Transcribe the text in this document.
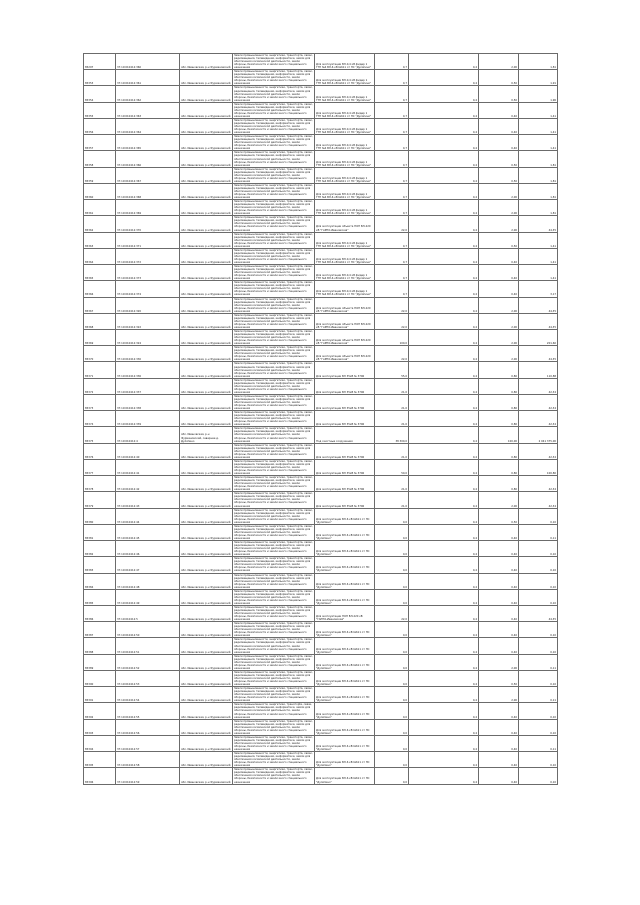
85297	37:19:010412:360	обл. Ивановская, р-н Фурмановский	Земли промышленности, энергетики, транспорта, связи, радиовещания, телевидения, информатики, земли для обеспечения космической деятельности, земли обороны, безопасности и земли иного специального назначения	Для эксплуатации ВЛ-0,4 кВ фидер 1 ГТП №4 ВЛ-6 кВ №611 от ПС "Дуляпино"	0,7	0,4	2,00	1,81
85353	37:19:010412:361	обл. Ивановская, р-н Фурмановский	Земли промышленности, энергетики, транспорта, связи, радиовещания, телевидения, информатики, земли для обеспечения космической деятельности, земли обороны, безопасности и земли иного специального назначения	Для эксплуатации ВЛ-0,4 кВ фидер 1 ГТП №4 ВЛ-6 кВ №611 от ПС "Дуляпино"	0,7	0,4	0,50	1,91
85354	37:19:010412:362	обл. Ивановская, р-н Фурмановский	Земли промышленности, энергетики, транспорта, связи, радиовещания, телевидения, информатики, земли для обеспечения космической деятельности, земли обороны, безопасности и земли иного специального назначения	Для эксплуатации ВЛ-0,4 кВ фидер 1 ГТП №4 ВЛ-6 кВ №611 от ПС "Дуляпино"	0,7	0,4	0,50	1,96
85355	37:19:010412:363	обл. Ивановская, р-н Фурмановский	Земли промышленности, энергетики, транспорта, связи, радиовещания, телевидения, информатики, земли для обеспечения космической деятельности, земли обороны, безопасности и земли иного специального назначения	Для эксплуатации ВЛ-0,4 кВ фидер 1 ГТП №4 ВЛ-6 кВ №611 от ПС "Дуляпино"	0,7	0,4	0,40	1,41
85356	37:19:010412:364	обл. Ивановская, р-н Фурмановский	Земли промышленности, энергетики, транспорта, связи, радиовещания, телевидения, информатики, земли для обеспечения космической деятельности, земли обороны, безопасности и земли иного специального назначения	Для эксплуатации ВЛ-0,4 кВ фидер 1 ГТП №4 ВЛ-6 кВ №611 от ПС "Дуляпино"	0,7	0,4	0,40	1,41
85357	37:19:010412:365	обл. Ивановская, р-н Фурмановский	Земли промышленности, энергетики, транспорта, связи, радиовещания, телевидения, информатики, земли для обеспечения космической деятельности, земли обороны, безопасности и земли иного специального назначения	Для эксплуатации ВЛ-0,4 кВ фидер 1 ГТП №4 ВЛ-6 кВ №611 от ПС "Дуляпино"	0,7	0,4	0,40	1,41
85358	37:19:010412:366	обл. Ивановская, р-н Фурмановский	Земли промышленности, энергетики, транспорта, связи, радиовещания, телевидения, информатики, земли для обеспечения космической деятельности, земли обороны, безопасности и земли иного специального назначения	Для эксплуатации ВЛ-0,4 кВ фидер 1 ГТП №4 ВЛ-6 кВ №611 от ПС "Дуляпино"	0,7	0,4	0,50	1,81
85359	37:19:010412:367	обл. Ивановская, р-н Фурмановский	Земли промышленности, энергетики, транспорта, связи, радиовещания, телевидения, информатики, земли для обеспечения космической деятельности, земли обороны, безопасности и земли иного специального назначения	Для эксплуатации ВЛ-0,4 кВ фидер 1 ГТП №4 ВЛ-6 кВ №611 от ПС "Дуляпино"	0,7	0,4	0,50	1,81
85360	37:19:010412:368	обл. Ивановская, р-н Фурмановский	Земли промышленности, энергетики, транспорта, связи, радиовещания, телевидения, информатики, земли для обеспечения космической деятельности, земли обороны, безопасности и земли иного специального назначения	Для эксплуатации ВЛ-0,4 кВ фидер 1 ГТП №4 ВЛ-6 кВ №611 от ПС "Дуляпино"	0,7	0,4	2,00	1,81
85361	37:19:010412:369	обл. Ивановская, р-н Фурмановский	Земли промышленности, энергетики, транспорта, связи, радиовещания, телевидения, информатики, земли для обеспечения космической деятельности, земли обороны, безопасности и земли иного специального назначения	Для эксплуатации ВЛ-0,4 кВ фидер 1 ГТП №4 ВЛ-6 кВ №611 от ПС "Дуляпино"	0,7	0,4	2,00	1,81
85362	37:19:010412:370	обл. Ивановская, р-н Фурмановский	Земли промышленности, энергетики, транспорта, связи, радиовещания, телевидения, информатики, земли для обеспечения космической деятельности, земли обороны, безопасности и земли иного специального назначения	Для эксплуатации объекта ПОП ВЛ-220 кВ "ГАРПО-Ивановская"	22,0	0,4	2,00	44,35
85363	37:19:010412:371	обл. Ивановская, р-н Фурмановский	Земли промышленности, энергетики, транспорта, связи, радиовещания, телевидения, информатики, земли для обеспечения космической деятельности, земли обороны, безопасности и земли иного специального назначения	Для эксплуатации ВЛ-0,4 кВ фидер 1 ГТП №4 ВЛ-6 кВ №611 от ПС "Дуляпино"	0,7	0,4	0,50	1,41
85364	37:19:010412:372	обл. Ивановская, р-н Фурмановский	Земли промышленности, энергетики, транспорта, связи, радиовещания, телевидения, информатики, земли для обеспечения космической деятельности, земли обороны, безопасности и земли иного специального назначения	Для эксплуатации ВЛ-0,4 кВ фидер 1 ГТП №4 ВЛ-6 кВ №611 от ПС "Дуляпино"	0,7	0,4	0,40	1,41
85365	37:19:010412:373	обл. Ивановская, р-н Фурмановский	Земли промышленности, энергетики, транспорта, связи, радиовещания, телевидения, информатики, земли для обеспечения космической деятельности, земли обороны, безопасности и земли иного специального назначения	Для эксплуатации ВЛ-0,4 кВ фидер 1 ГТП №4 ВЛ-6 кВ №611 от ПС "Дуляпино"	0,7	0,4	0,40	1,41
85366	37:19:010412:374	обл. Ивановская, р-н Фурмановский	Земли промышленности, энергетики, транспорта, связи, радиовещания, телевидения, информатики, земли для обеспечения космической деятельности, земли обороны, безопасности и земли иного специального назначения	Для эксплуатации ВЛ-0,4 кВ фидер 1 ГТП №4 ВЛ-6 кВ №611 от ПС "Дуляпино"	0,7	0,4	0,40	3,17
85367	37:19:010412:320	обл. Ивановская, р-н Фурмановский	Земли промышленности, энергетики, транспорта, связи, радиовещания, телевидения, информатики, земли для обеспечения космической деятельности, земли обороны, безопасности и земли иного специального назначения	Для эксплуатации объекта ПОП ВЛ-220 кВ "ГАРПО-Ивановская"	22,0	0,4	2,00	44,35
85368	37:19:010412:322	обл. Ивановская, р-н Фурмановский	Земли промышленности, энергетики, транспорта, связи, радиовещания, телевидения, информатики, земли для обеспечения космической деятельности, земли обороны, безопасности и земли иного специального назначения	Для эксплуатации объекта ПОП ВЛ-220 кВ "ГАРПО-Ивановская"	22,0	0,4	2,00	44,35
85369	37:19:010412:324	обл. Ивановская, р-н Фурмановский	Земли промышленности, энергетики, транспорта, связи, радиовещания, телевидения, информатики, земли для обеспечения космической деятельности, земли обороны, безопасности и земли иного специального назначения	Для эксплуатации объекта ПОП ВЛ-220 кВ "ГАРПО-Ивановская"	100,0	0,4	2,00	201,60
85370	37:19:010412:330	обл. Ивановская, р-н Фурмановский	Земли промышленности, энергетики, транспорта, связи, радиовещания, телевидения, информатики, земли для обеспечения космической деятельности, земли обороны, безопасности и земли иного специального назначения	Для эксплуатации объекта ПОП ВЛ-220 кВ "ГАРПО-Ивановская"	22,0	0,4	2,00	44,35
85371	37:19:010412:336	обл. Ивановская, р-н Фурмановский	Земли промышленности, энергетики, транспорта, связи, радиовещания, телевидения, информатики, земли для обеспечения космической деятельности, земли обороны, безопасности и земли иного специального назначения	Для эксплуатации ВЛ 35кВ № 3706	55,0	0,4	0,80	110,88
85372	37:19:010412:337	обл. Ивановская, р-н Фурмановский	Земли промышленности, энергетики, транспорта, связи, радиовещания, телевидения, информатики, земли для обеспечения космической деятельности, земли обороны, безопасности и земли иного специального назначения	Для эксплуатации ВЛ 35кВ № 3706	21,0	0,4	0,80	42,34
85373	37:19:010412:338	обл. Ивановская, р-н Фурмановский	Земли промышленности, энергетики, транспорта, связи, радиовещания, телевидения, информатики, земли для обеспечения космической деятельности, земли обороны, безопасности и земли иного специального назначения	Для эксплуатации ВЛ 35кВ № 3706	21,0	0,4	0,80	42,34
85374	37:19:010412:339	обл. Ивановская, р-н Фурмановский	Земли промышленности, энергетики, транспорта, связи, радиовещания, телевидения, информатики, земли для обеспечения космической деятельности, земли обороны, безопасности и земли иного специального назначения	Для эксплуатации ВЛ 35кВ № 3706	21,0	0,4	0,80	42,34
85375	37:19:010412:4	обл. Ивановская, р-н Фурмановский, севернее д. Дуляпино	Земли промышленности, энергетики, транспорта, связи, радиовещания, телевидения, информатики, земли для обеспечения космической деятельности, земли обороны, безопасности и земли иного специального назначения	Под очистные сооружения	38 300,0	0,4	100,00	2 041 375,00
85376	37:19:010412:40	обл. Ивановская, р-н Фурмановский	Земли промышленности, энергетики, транспорта, связи, радиовещания, телевидения, информатики, земли для обеспечения космической деятельности, земли обороны, безопасности и земли иного специального назначения	Для эксплуатации ВЛ 35кВ № 3706	21,0	0,4	0,80	42,34
85377	37:19:010412:41	обл. Ивановская, р-н Фурмановский	Земли промышленности, энергетики, транспорта, связи, радиовещания, телевидения, информатики, земли для обеспечения космической деятельности, земли обороны, безопасности и земли иного специального назначения	Для эксплуатации ВЛ 35кВ № 3706	50,0	0,4	0,80	100,80
85378	37:19:010412:42	обл. Ивановская, р-н Фурмановский	Земли промышленности, энергетики, транспорта, связи, радиовещания, телевидения, информатики, земли для обеспечения космической деятельности, земли обороны, безопасности и земли иного специального назначения	Для эксплуатации ВЛ 35кВ № 3706	21,0	0,4	0,80	42,34
85379	37:19:010412:43	обл. Ивановская, р-н Фурмановский	Земли промышленности, энергетики, транспорта, связи, радиовещания, телевидения, информатики, земли для обеспечения космической деятельности, земли обороны, безопасности и земли иного специального назначения	Для эксплуатации ВЛ 35кВ № 3706	21,0	0,4	2,00	42,34
85380	37:19:010412:44	обл. Ивановская, р-н Фурмановский	Земли промышленности, энергетики, транспорта, связи, радиовещания, телевидения, информатики, земли для обеспечения космической деятельности, земли обороны, безопасности и земли иного специального назначения	Для эксплуатации ВЛ-6 кВ №611 от ПС "Дуляпино"	0,0	0,4	0,50	0,10
85381	37:19:010412:45	обл. Ивановская, р-н Фурмановский	Земли промышленности, энергетики, транспорта, связи, радиовещания, телевидения, информатики, земли для обеспечения космической деятельности, земли обороны, безопасности и земли иного специального назначения	Для эксплуатации ВЛ-6 кВ №611 от ПС "Дуляпино"	0,0	0,4	0,40	0,11
85382	37:19:010412:46	обл. Ивановская, р-н Фурмановский	Земли промышленности, энергетики, транспорта, связи, радиовещания, телевидения, информатики, земли для обеспечения космической деятельности, земли обороны, безопасности и земли иного специального назначения	Для эксплуатации ВЛ-6 кВ №611 от ПС "Дуляпино"	0,0	0,4	0,40	0,10
85383	37:19:010412:47	обл. Ивановская, р-н Фурмановский	Земли промышленности, энергетики, транспорта, связи, радиовещания, телевидения, информатики, земли для обеспечения космической деятельности, земли обороны, безопасности и земли иного специального назначения	Для эксплуатации ВЛ-6 кВ №611 от ПС "Дуляпино"	0,0	0,4	0,40	0,10
85384	37:19:010412:48	обл. Ивановская, р-н Фурмановский	Земли промышленности, энергетики, транспорта, связи, радиовещания, телевидения, информатики, земли для обеспечения космической деятельности, земли обороны, безопасности и земли иного специального назначения	Для эксплуатации ВЛ-6 кВ №611 от ПС "Дуляпино"	0,0	0,4	0,40	0,10
85385	37:19:010412:49	обл. Ивановская, р-н Фурмановский	Земли промышленности, энергетики, транспорта, связи, радиовещания, телевидения, информатики, земли для обеспечения космической деятельности, земли обороны, безопасности и земли иного специального назначения	Для эксплуатации ВЛ-6 кВ №611 от ПС "Дуляпино"	0,0	0,4	0,40	0,10
85386	37:19:010412:5	обл. Ивановская, р-н Фурмановский	Земли промышленности, энергетики, транспорта, связи, радиовещания, телевидения, информатики, земли для обеспечения космической деятельности, земли обороны, безопасности и земли иного специального назначения	Для эксплуатации ПОП ВЛ-220 кВ "ГАРПО-Ивановская"	22,0	0,4	0,40	44,35
85387	37:19:010412:50	обл. Ивановская, р-н Фурмановский	Земли промышленности, энергетики, транспорта, связи, радиовещания, телевидения, информатики, земли для обеспечения космической деятельности, земли обороны, безопасности и земли иного специального назначения	Для эксплуатации ВЛ-6 кВ №611 от ПС "Дуляпино"	0,0	0,4	0,40	0,10
85388	37:19:010412:51	обл. Ивановская, р-н Фурмановский	Земли промышленности, энергетики, транспорта, связи, радиовещания, телевидения, информатики, земли для обеспечения космической деятельности, земли обороны, безопасности и земли иного специального назначения	Для эксплуатации ВЛ-6 кВ №611 от ПС "Дуляпино"	0,0	0,4	0,40	0,10
85389	37:19:010412:52	обл. Ивановская, р-н Фурмановский	Земли промышленности, энергетики, транспорта, связи, радиовещания, телевидения, информатики, земли для обеспечения космической деятельности, земли обороны, безопасности и земли иного специального назначения	Для эксплуатации ВЛ-6 кВ №611 от ПС "Дуляпино"	0,0	0,4	2,00	0,11
85390	37:19:010412:53	обл. Ивановская, р-н Фурмановский	Земли промышленности, энергетики, транспорта, связи, радиовещания, телевидения, информатики, земли для обеспечения космической деятельности, земли обороны, безопасности и земли иного специального назначения	Для эксплуатации ВЛ-6 кВ №611 от ПС "Дуляпино"	0,0	0,4	0,50	0,10
85391	37:19:010412:54	обл. Ивановская, р-н Фурмановский	Земли промышленности, энергетики, транспорта, связи, радиовещания, телевидения, информатики, земли для обеспечения космической деятельности, земли обороны, безопасности и земли иного специального назначения	Для эксплуатации ВЛ-6 кВ №611 от ПС "Дуляпино"	0,0	0,4	2,00	0,11
85392	37:19:010412:55	обл. Ивановская, р-н Фурмановский	Земли промышленности, энергетики, транспорta, связи, радиовещания, телевидения, информатики, земли для обеспечения космической деятельности, земли обороны, безопасности и земли иного специального назначения	Для эксплуатации ВЛ-6 кВ №611 от ПС "Дуляпино"	0,0	0,4	0,40	0,10
85393	37:19:010412:56	обл. Ивановская, р-н Фурмановский	Земли промышленности, энергетики, транспорта, связи, радиовещания, телевидения, информатики, земли для обеспечения космической деятельности, земли обороны, безопасности и земли иного специального назначения	Для эксплуатации ВЛ-6 кВ №611 от ПС "Дуляпино"	0,0	0,4	0,40	0,10
85394	37:19:010412:57	обл. Ивановская, р-н Фурмановский	Земли промышленности, энергетики, транспорта, связи, радиовещания, телевидения, информатики, земли для обеспечения космической деятельности, земли обороны, безопасности и земли иного специального назначения	Для эксплуатации ВЛ-6 кВ №611 от ПС "Дуляпино"	0,0	0,4	0,40	0,11
85395	37:19:010412:58	обл. Ивановская, р-н Фурмановский	Земли промышленности, энергетики, транспорта, связи, радиовещания, телевидения, информатики, земли для обеспечения космической деятельности, земли обороны, безопасности и земли иного специального назначения	Для эксплуатации ВЛ-6 кВ №611 от ПС "Дуляпино"	0,0	0,4	0,40	0,10
85396	37:19:010412:59	обл. Ивановская, р-н Фурмановский	Земли промышленности, энергетики, транспорта, связи, радиовещания, телевидения, информатики, земли для обеспечения космической деятельности, земли обороны, безопасности и земли иного специального назначения	Для эксплуатации ВЛ-6 кВ №611 от ПС "Дуляпино"	0,0	0,4	0,40	0,10
